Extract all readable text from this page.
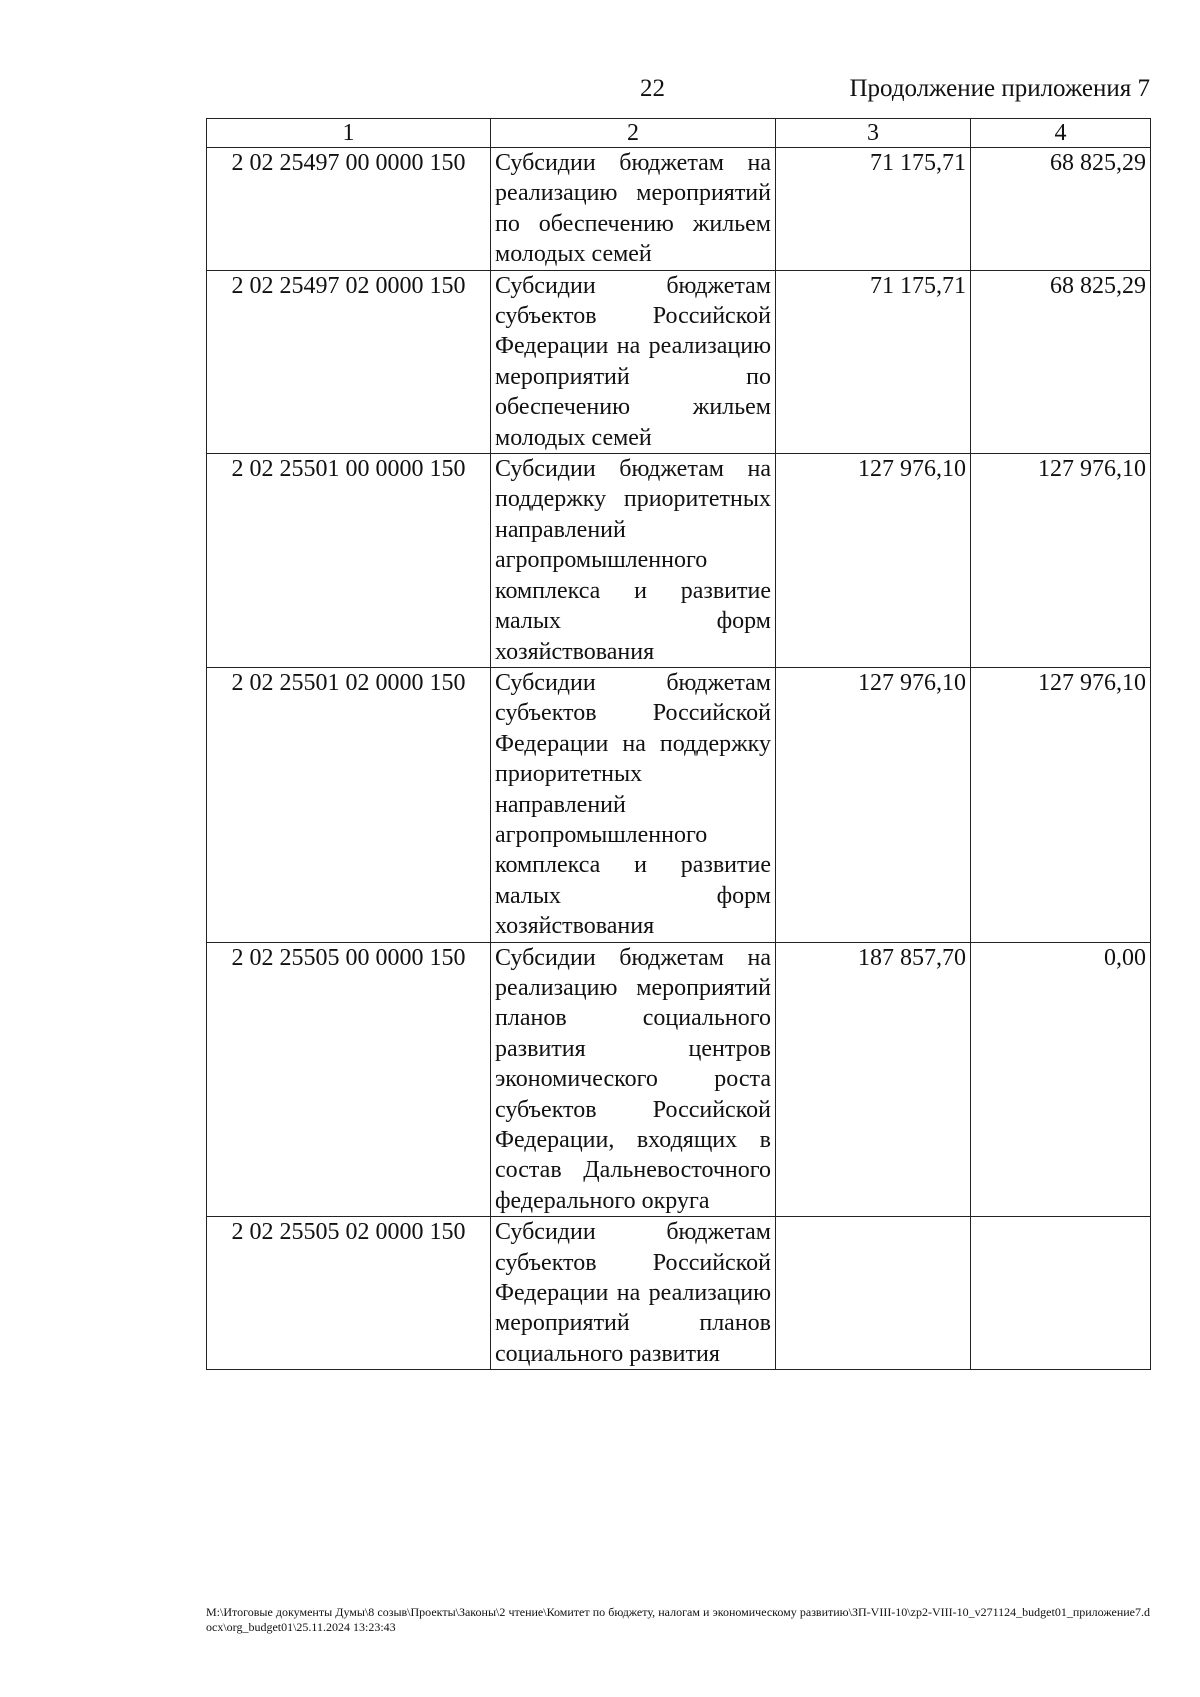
22	Продолжение приложения 7
1	2	3	4
2 02 25497 00 0000 150	Субсидии бюджетам на реализацию мероприятий по обеспечению жильем молодых семей	71 175,71	68 825,29
2 02 25497 02 0000 150	Субсидии бюджетам субъектов Российской Федерации на реализацию мероприятий по обеспечению жильем молодых семей	71 175,71	68 825,29
2 02 25501 00 0000 150	Субсидии бюджетам на поддержку приоритетных направлений агропромышленного комплекса и развитие малых форм хозяйствования	127 976,10	127 976,10
2 02 25501 02 0000 150	Субсидии бюджетам субъектов Российской Федерации на поддержку приоритетных направлений агропромышленного комплекса и развитие малых форм хозяйствования	127 976,10	127 976,10
2 02 25505 00 0000 150	Субсидии бюджетам на реализацию мероприятий планов социального развития центров экономического роста субъектов Российской Федерации, входящих в состав Дальневосточного федерального округа	187 857,70	0,00
2 02 25505 02 0000 150	Субсидии бюджетам субъектов Российской Федерации на реализацию мероприятий планов социального развития		
M:\Итоговые документы Думы\8 созыв\Проекты\Законы\2 чтение\Комитет по бюджету, налогам и экономическому развитию\ЗП-VIII-10\zp2-VIII-10_v271124_budget01_приложение7.docx\org_budget01\25.11.2024 13:23:43
